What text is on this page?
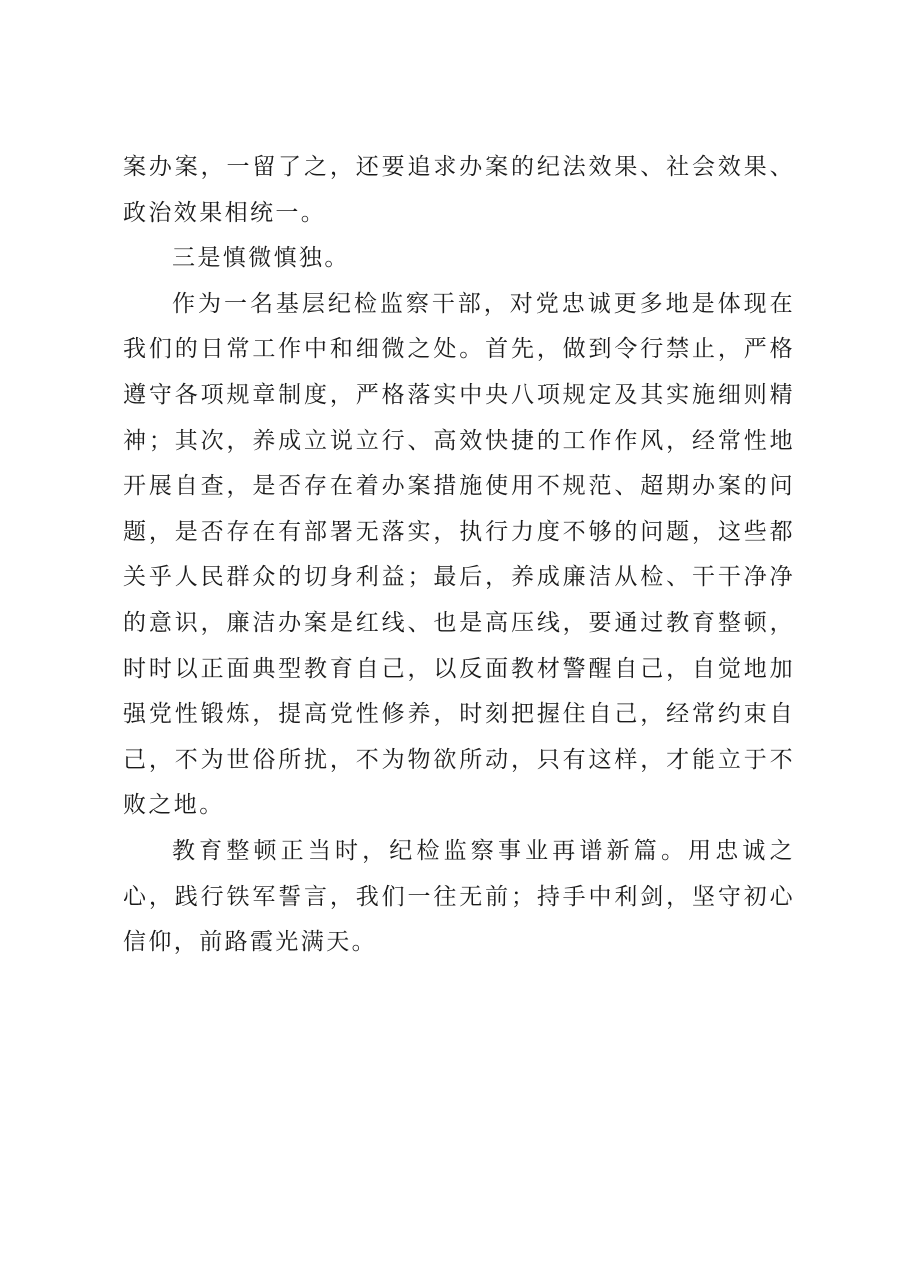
案办案，一留了之，还要追求办案的纪法效果、社会效果、政治效果相统一。

三是慎微慎独。

作为一名基层纪检监察干部，对党忠诚更多地是体现在我们的日常工作中和细微之处。首先，做到令行禁止，严格遵守各项规章制度，严格落实中央八项规定及其实施细则精神；其次，养成立说立行、高效快捷的工作作风，经常性地开展自查，是否存在着办案措施使用不规范、超期办案的问题，是否存在有部署无落实，执行力度不够的问题，这些都关乎人民群众的切身利益；最后，养成廉洁从检、干干净净的意识，廉洁办案是红线、也是高压线，要通过教育整顿，时时以正面典型教育自己，以反面教材警醒自己，自觉地加强党性锻炼，提高党性修养，时刻把握住自己，经常约束自己，不为世俗所扰，不为物欲所动，只有这样，才能立于不败之地。

教育整顿正当时，纪检监察事业再谱新篇。用忠诚之心，践行铁军誓言，我们一往无前；持手中利剑，坚守初心信仰，前路霞光满天。
